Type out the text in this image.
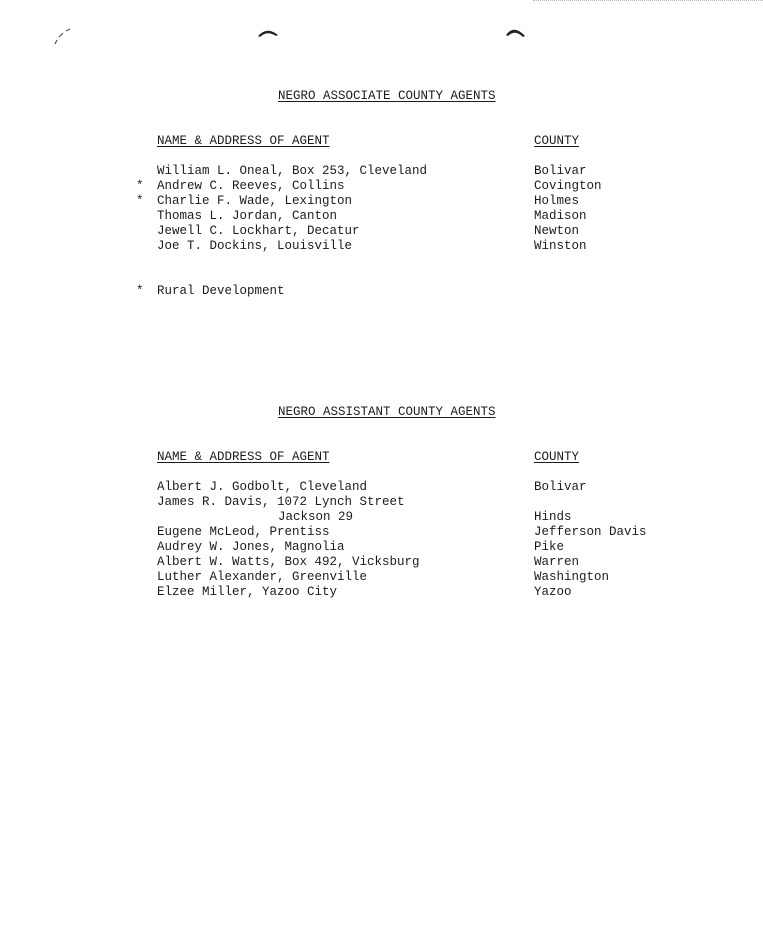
NEGRO ASSOCIATE COUNTY AGENTS
NAME & ADDRESS OF AGENT	COUNTY
William L. Oneal, Box 253, Cleveland	Bolivar
* Andrew C. Reeves, Collins	Covington
* Charlie F. Wade, Lexington	Holmes
Thomas L. Jordan, Canton	Madison
Jewell C. Lockhart, Decatur	Newton
Joe T. Dockins, Louisville	Winston
* Rural Development
NEGRO ASSISTANT COUNTY AGENTS
NAME & ADDRESS OF AGENT	COUNTY
Albert J. Godbolt, Cleveland	Bolivar
James R. Davis, 1072 Lynch Street
Jackson 29	Hinds
Eugene McLeod, Prentiss	Jefferson Davis
Audrey W. Jones, Magnolia	Pike
Albert W. Watts, Box 492, Vicksburg	Warren
Luther Alexander, Greenville	Washington
Elzee Miller, Yazoo City	Yazoo
